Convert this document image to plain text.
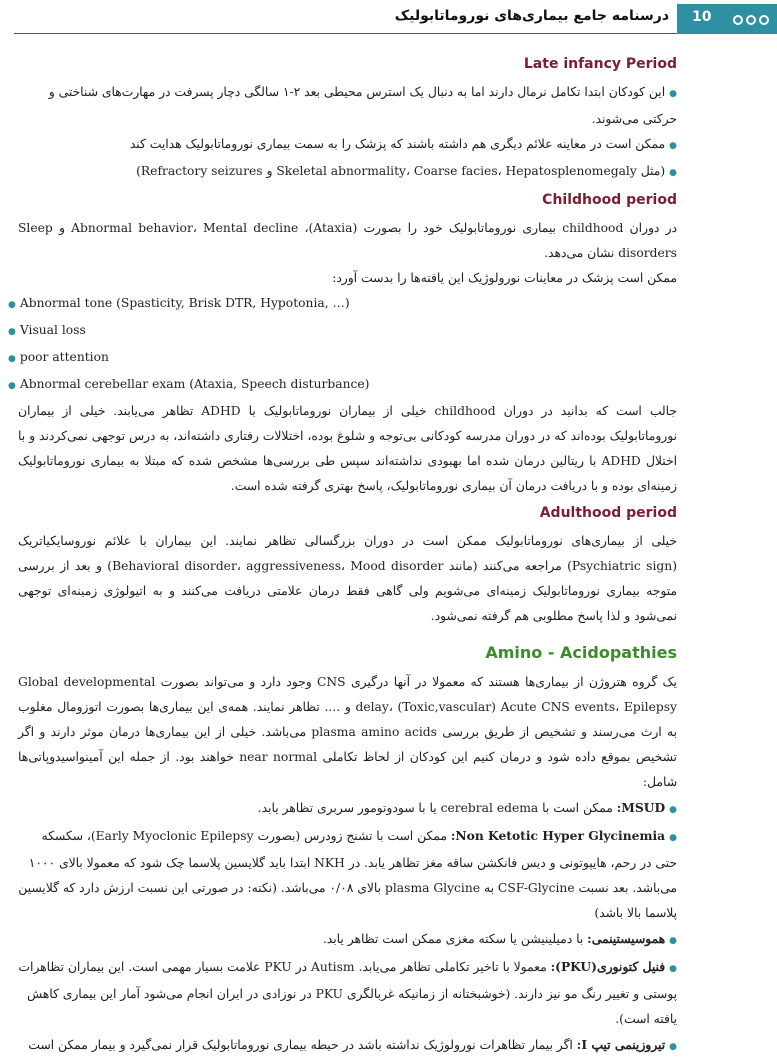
درسنامه جامع بیماری‌های نوروماتابولیک 10
Late infancy Period

●این کودکان ابتدا تکامل نرمال دارند اما به دنبال یک استرس محیطی بعد ۲-۱ سالگی دچار پسرفت در مهارت‌های شناختی و حرکتی می‌شوند.

●ممکن است در معاینه علائم دیگری هم داشته باشند که پزشک را به سمت بیماری نوروماتابولیک هدایت کند

●(مثل Skeletal abnormality، Coarse facies، Hepatosplenomegaly و Refractory seizures)

Childhood period

در دوران childhood بیماری نوروماتابولیک خود را بصورت (Ataxia)، Abnormal behavior، Mental decline و Sleep disorders نشان می‌دهد.

ممکن است پزشک در معاینات نورولوژیک این یافته‌ها را بدست آورد:

● Abnormal tone (Spasticity, Brisk DTR, Hypotonia, …)

● Visual loss

● poor attention

● Abnormal cerebellar exam (Ataxia, Speech disturbance)

جالب است که بدانید در دوران childhood خیلی از بیماران نوروماتابولیک با ADHD تظاهر می‌یابند. خیلی از بیماران نوروماتابولیک بوده‌اند که در دوران مدرسه کودکانی بی‌توجه و شلوغ بوده، اختلالات رفتاری داشته‌اند، به درس توجهی نمی‌کردند و با اختلال ADHD با ریتالین درمان شده اما بهبودی نداشته‌اند سپس طی بررسی‌ها مشخص شده که مبتلا به بیماری نوروماتابولیک زمینه‌ای بوده و با دریافت درمان آن بیماری نوروماتابولیک، پاسخ بهتری گرفته شده است.

Adulthood period

خیلی از بیماری‌های نوروماتابولیک ممکن است در دوران بزرگسالی تظاهر نمایند. این بیماران با علائم نوروسایکیاتریک (Psychiatric sign) مراجعه می‌کنند (مانند Behavioral disorder، aggressiveness، Mood disorder) و بعد از بررسی متوجه بیماری نوروماتابولیک زمینه‌ای می‌شویم ولی گاهی فقط درمان علامتی دریافت می‌کنند و به اتیولوژی زمینه‌ای توجهی نمی‌شود و لذا پاسخ مطلوبی هم گرفته نمی‌شود.

Amino - Acidopathies

یک گروه هتروژن از بیماری‌ها هستند که معمولا در آنها درگیری CNS وجود دارد و می‌تواند بصورت Global developmental delay، (Toxic,vascular) Acute CNS events، Epilepsy و .... تظاهر نمایند. همه‌ی این بیماری‌ها بصورت اتوزومال مغلوب به ارث می‌رسند و تشخیص از طریق بررسی plasma amino acids می‌باشد. خیلی از این بیماری‌ها درمان موثر دارند و اگر تشخیص بموقع داده شود و درمان کنیم این کودکان از لحاظ تکاملی near normal خواهند بود. از جمله این آمینواسیدوپاتی‌ها شامل:

●MSUD: ممکن است با cerebral edema یا با سودوتومور سربری تظاهر یابد.

●Non Ketotic Hyper Glycinemia: ممکن است با تشنج زودرس (بصورت Early Myoclonic Epilepsy)، سکسکه حتی در رحم، هایپوتونی و دیس فانکشن ساقه مغز تظاهر یابد. در NKH ابتدا باید گلایسین پلاسما چک شود که معمولا بالای ۱۰۰۰ می‌باشد. بعد نسبت CSF-Glycine به plasma Glycine بالای ۰/۰۸ می‌باشد. (نکته: در صورتی این نسبت ارزش دارد که گلایسین پلاسما بالا باشد)

●هموسیستینمی: با دمیلینیشن یا سکته مغزی ممکن است تظاهر یابد.

●فنیل کتونوری(PKU): معمولا با تاخیر تکاملی تظاهر می‌یابد. Autism در PKU علامت بسیار مهمی است. این بیماران تظاهرات پوستی و تغییر رنگ مو نیز دارند. (خوشبختانه از زمانیکه غربالگری PKU در نوزادی در ایران انجام می‌شود آمار این بیماری کاهش یافته است).

●تیروزینمی تیپ I: اگر بیمار تظاهرات نورولوژیک نداشته باشد در حیطه بیماری نوروماتابولیک قرار نمی‌گیرد و بیمار ممکن است
